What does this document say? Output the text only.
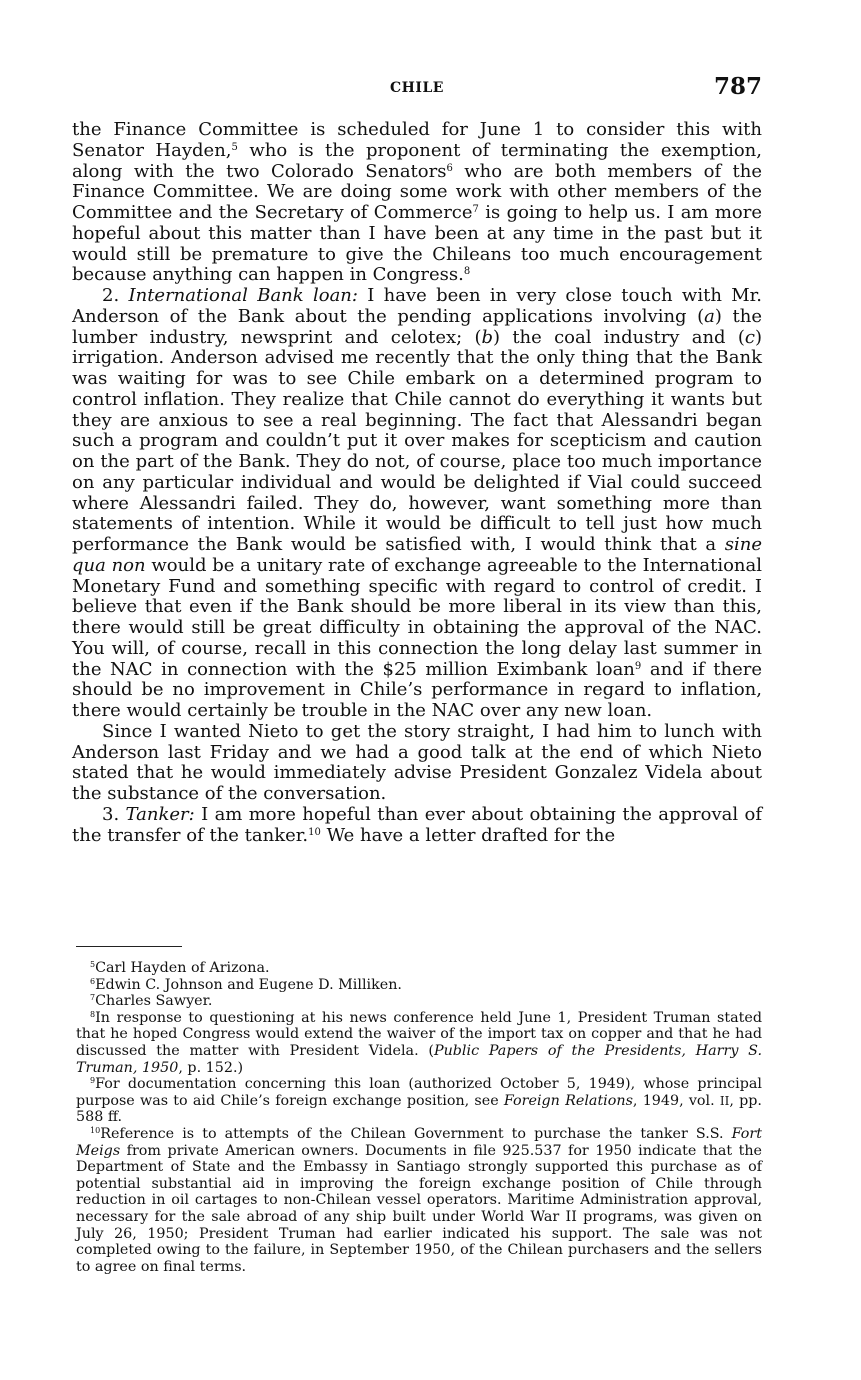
CHILE	787

the Finance Committee is scheduled for June 1 to consider this with Senator Hayden,$^5$ who is the proponent of terminating the exemption, along with the two Colorado Senators$^6$ who are both members of the Finance Committee. We are doing some work with other members of the Committee and the Secretary of Commerce$^7$ is going to help us. I am more hopeful about this matter than I have been at any time in the past but it would still be premature to give the Chileans too much encouragement because anything can happen in Congress.$^8$

2. International Bank loan: I have been in very close touch with Mr. Anderson of the Bank about the pending applications involving (a) the lumber industry, newsprint and celotex; (b) the coal industry and (c) irrigation. Anderson advised me recently that the only thing that the Bank was waiting for was to see Chile embark on a determined program to control inflation. They realize that Chile cannot do everything it wants but they are anxious to see a real beginning. The fact that Alessandri began such a program and couldn’t put it over makes for scepticism and caution on the part of the Bank. They do not, of course, place too much importance on any particular individual and would be delighted if Vial could succeed where Alessandri failed. They do, however, want something more than statements of intention. While it would be difficult to tell just how much performance the Bank would be satisfied with, I would think that a sine qua non would be a unitary rate of exchange agreeable to the International Monetary Fund and something specific with regard to control of credit. I believe that even if the Bank should be more liberal in its view than this, there would still be great difficulty in obtaining the approval of the NAC. You will, of course, recall in this connection the long delay last summer in the NAC in connection with the $25 million Eximbank loan$^9$ and if there should be no improvement in Chile’s performance in regard to inflation, there would certainly be trouble in the NAC over any new loan.

Since I wanted Nieto to get the story straight, I had him to lunch with Anderson last Friday and we had a good talk at the end of which Nieto stated that he would immediately advise President Gonzalez Videla about the substance of the conversation.

3. Tanker: I am more hopeful than ever about obtaining the approval of the transfer of the tanker.$^{10}$ We have a letter drafted for the

$^5$Carl Hayden of Arizona.

$^6$Edwin C. Johnson and Eugene D. Milliken.

$^7$Charles Sawyer.

$^8$In response to questioning at his news conference held June 1, President Truman stated that he hoped Congress would extend the waiver of the import tax on copper and that he had discussed the matter with President Videla. (Public Papers of the Presidents, Harry S. Truman, 1950, p. 152.)

$^9$For documentation concerning this loan (authorized October 5, 1949), whose principal purpose was to aid Chile’s foreign exchange position, see Foreign Relations, 1949, vol. II, pp. 588 ff.

$^{10}$Reference is to attempts of the Chilean Government to purchase the tanker S.S. Fort Meigs from private American owners. Documents in file 925.537 for 1950 indicate that the Department of State and the Embassy in Santiago strongly supported this purchase as of potential substantial aid in improving the foreign exchange position of Chile through reduction in oil cartages to non-Chilean vessel operators. Maritime Administration approval, necessary for the sale abroad of any ship built under World War II programs, was given on July 26, 1950; President Truman had earlier indicated his support. The sale was not completed owing to the failure, in September 1950, of the Chilean purchasers and the sellers to agree on final terms.
